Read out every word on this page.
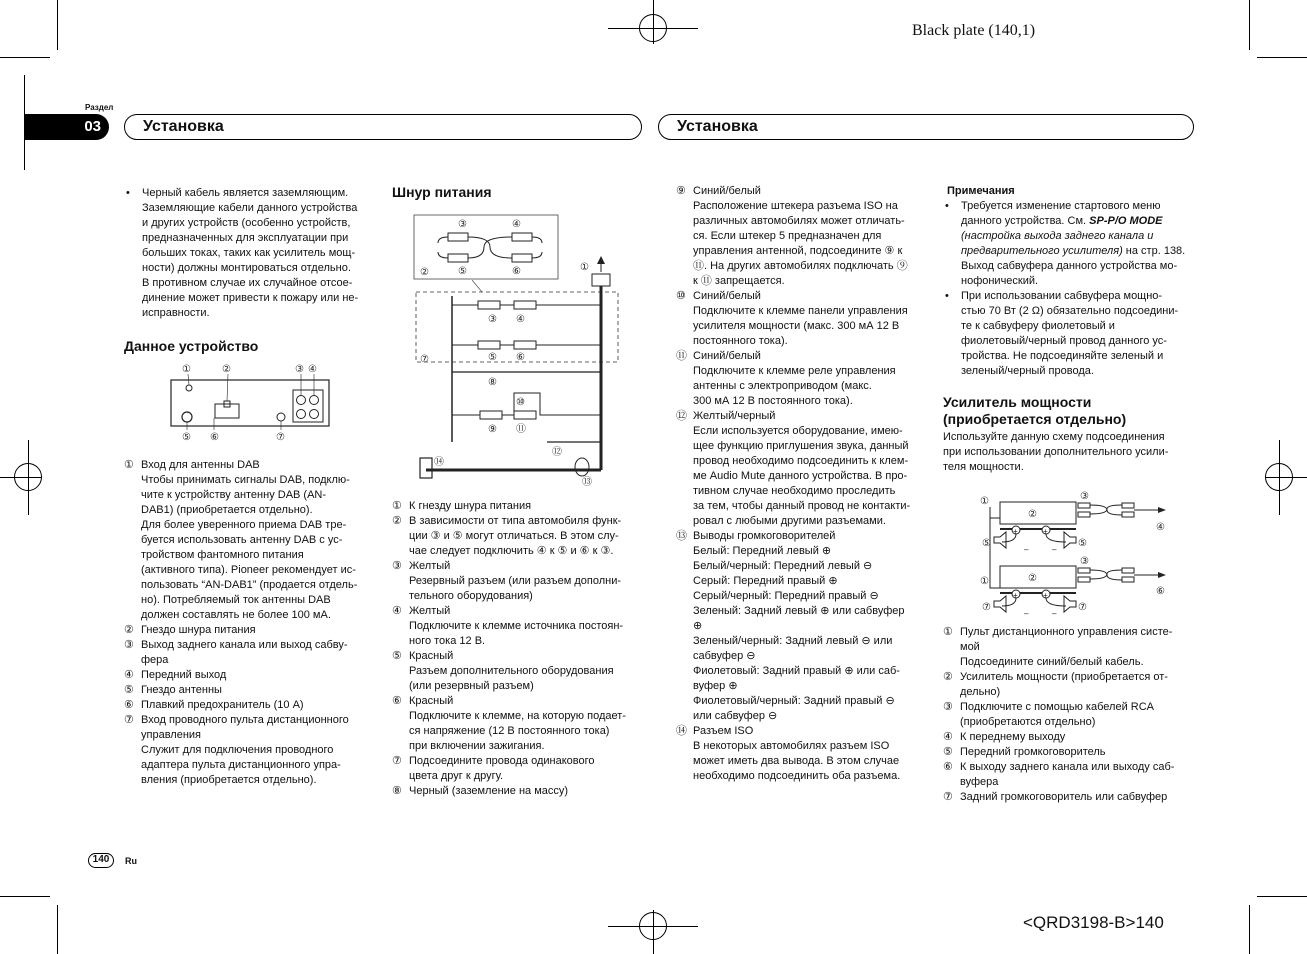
Black plate (140,1)
Раздел
03	Установка	Установка
• Черный кабель является заземляющим.
Заземляющие кабели данного устройства
и других устройств (особенно устройств,
предназначенных для эксплуатации при
больших токах, таких как усилитель мощ-
ности) должны монтироваться отдельно.
В противном случае их случайное отсое-
динение может привести к пожару или не-
исправности.
Данное устройство
① Вход для антенны DAB
Чтобы принимать сигналы DAB, подклю-
чите к устройству антенну DAB (AN-
DAB1) (приобретается отдельно).
Для более уверенного приема DAB тре-
буется использовать антенну DAB с ус-
тройством фантомного питания
(активного типа). Pioneer рекомендует ис-
пользовать “AN-DAB1” (продается отдель-
но). Потребляемый ток антенны DAB
должен составлять не более 100 мА.
② Гнездо шнура питания
③ Выход заднего канала или выход сабву-
фера
④ Передний выход
⑤ Гнездо антенны
⑥ Плавкий предохранитель (10 А)
⑦ Вход проводного пульта дистанционного
управления
Служит для подключения проводного
адаптера пульта дистанционного упра-
вления (приобретается отдельно).
①	②	③ ④
⑤ ⑥	⑦
Шнур питания
① К гнезду шнура питания
② В зависимости от типа автомобиля функ-
ции ③ и ⑤ могут отличаться. В этом слу-
чае следует подключить ④ к ⑤ и ⑥ к ③.
③ Желтый
Резервный разъем (или разъем дополни-
тельного оборудования)
④ Желтый
Подключите к клемме источника постоян-
ного тока 12 В.
⑤ Красный
Разъем дополнительного оборудования
(или резервный разъем)
⑥ Красный
Подключите к клемме, на которую подает-
ся напряжение (12 В постоянного тока)
при включении зажигания.
⑦ Подсоедините провода одинакового
цвета друг к другу.
⑧ Черный (заземление на массу)
③	④
②	⑤	⑥	①
③ ④
⑤ ⑥
⑦
⑧
⑩
⑨ ⑪
⑫
⑬
⑭
⑨ Синий/белый
Расположение штекера разъема ISO на
различных автомобилях может отличать-
ся. Если штекер 5 предназначен для
управления антенной, подсоедините ⑨ к
⑪. На других автомобилях подключать ⑨
к ⑪ запрещается.
⑩ Синий/белый
Подключите к клемме панели управления
усилителя мощности (макс. 300 мА 12 В
постоянного тока).
⑪ Синий/белый
Подключите к клемме реле управления
антенны с электроприводом (макс.
300 мА 12 В постоянного тока).
⑫ Желтый/черный
Если используется оборудование, имею-
щее функцию приглушения звука, данный
провод необходимо подсоединить к клем-
ме Audio Mute данного устройства. В про-
тивном случае необходимо проследить
за тем, чтобы данный провод не контакти-
ровал с любыми другими разъемами.
⑬ Выводы громкоговорителей
Белый: Передний левый ⊕
Белый/черный: Передний левый ⊖
Серый: Передний правый ⊕
Серый/черный: Передний правый ⊖
Зеленый: Задний левый ⊕ или сабвуфер
⊕
Зеленый/черный: Задний левый ⊖ или
сабвуфер ⊖
Фиолетовый: Задний правый ⊕ или саб-
вуфер ⊕
Фиолетовый/черный: Задний правый ⊖
или сабвуфер ⊖
⑭ Разъем ISO
В некоторых автомобилях разъем ISO
может иметь два вывода. В этом случае
необходимо подсоединить оба разъема.
Примечания
• Требуется изменение стартового меню
данного устройства. См. SP-P/O MODE
(настройка выхода заднего канала и
предварительного усилителя) на стр. 138.
Выход сабвуфера данного устройства мо-
нофонический.
• При использовании сабвуфера мощно-
стью 70 Вт (2 Ω) обязательно подсоедини-
те к сабвуферу фиолетовый и
фиолетовый/черный провод данного ус-
тройства. Не подсоединяйте зеленый и
зеленый/черный провода.
Усилитель мощности
(приобретается отдельно)
Используйте данную схему подсоединения
при использовании дополнительного усили-
теля мощности.
① Пульт дистанционного управления систе-
мой
Подсоедините синий/белый кабель.
② Усилитель мощности (приобретается от-
дельно)
③ Подключите с помощью кабелей RCA
(приобретаются отдельно)
④ К переднему выходу
⑤ Передний громкоговоритель
⑥ К выходу заднего канала или выходу саб-
вуфера
⑦ Задний громкоговоритель или сабвуфер
①
②
③
④
+	+
–	–
⑤	⑤
①	②
③
⑥
+	+
–	–
⑦	⑦
140	Ru
<QRD3198-B>140
